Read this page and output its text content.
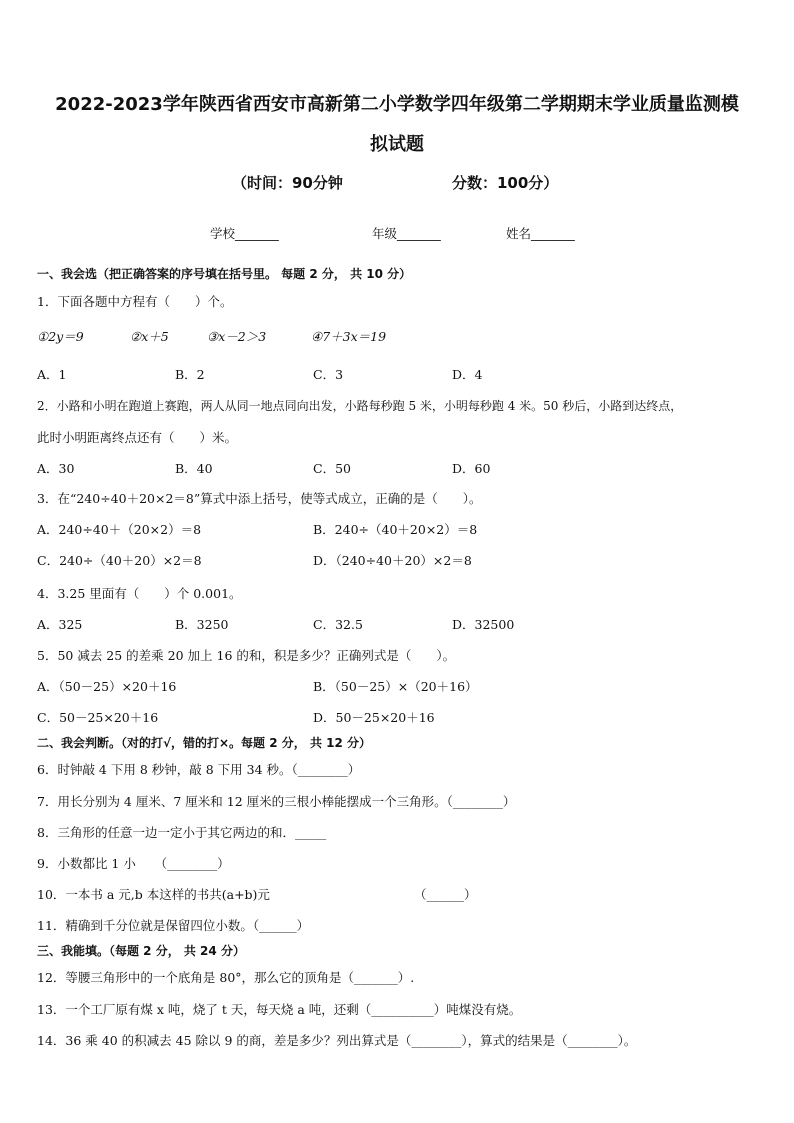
2022-2023学年陕西省西安市高新第二小学数学四年级第二学期期末学业质量监测模
拟试题
（时间：90分钟	分数：100分）
学校_______	年级_______	姓名_______
一、我会选（把正确答案的序号填在括号里。 每题 2 分， 共 10 分）
1．下面各题中方程有（　　）个。
①2y＝9	②x＋5	③x－2＞3	④7＋3x＝19
A．1	B．2	C．3	D．4
2．小路和小明在跑道上赛跑，两人从同一地点同向出发，小路每秒跑 5 米，小明每秒跑 4 米。50 秒后，小路到达终点，
此时小明距离终点还有（　　）米。
A．30	B．40	C．50	D．60
3．在“240÷40＋20×2＝8”算式中添上括号，使等式成立，正确的是（　　）。
A．240÷40＋（20×2）＝8	B．240÷（40＋20×2）＝8
C．240÷（40＋20）×2＝8	D．（240÷40＋20）×2＝8
4．3.25 里面有（　　）个 0.001。
A．325	B．3250	C．32.5	D．32500
5．50 减去 25 的差乘 20 加上 16 的和，积是多少？正确列式是（　　）。
A．（50－25）×20＋16	B．（50－25）×（20＋16）
C．50－25×20＋16	D．50－25×20＋16
二、我会判断。（对的打√，错的打×。每题 2 分， 共 12 分）
6．时钟敲 4 下用 8 秒钟，敲 8 下用 34 秒。（________）
7．用长分别为 4 厘米、7 厘米和 12 厘米的三根小棒能摆成一个三角形。（________）
8．三角形的任意一边一定小于其它两边的和．_____
9．小数都比 1 小　　（________）
10．一本书 a 元,b 本这样的书共(a+b)元	（______）
11．精确到千分位就是保留四位小数。（______）
三、我能填。（每题 2 分， 共 24 分）
12．等腰三角形中的一个底角是 80°，那么它的顶角是（_______）.
13．一个工厂原有煤 x 吨，烧了 t 天，每天烧 a 吨，还剩（__________）吨煤没有烧。
14．36 乘 40 的积减去 45 除以 9 的商，差是多少？列出算式是（________），算式的结果是（________）。
